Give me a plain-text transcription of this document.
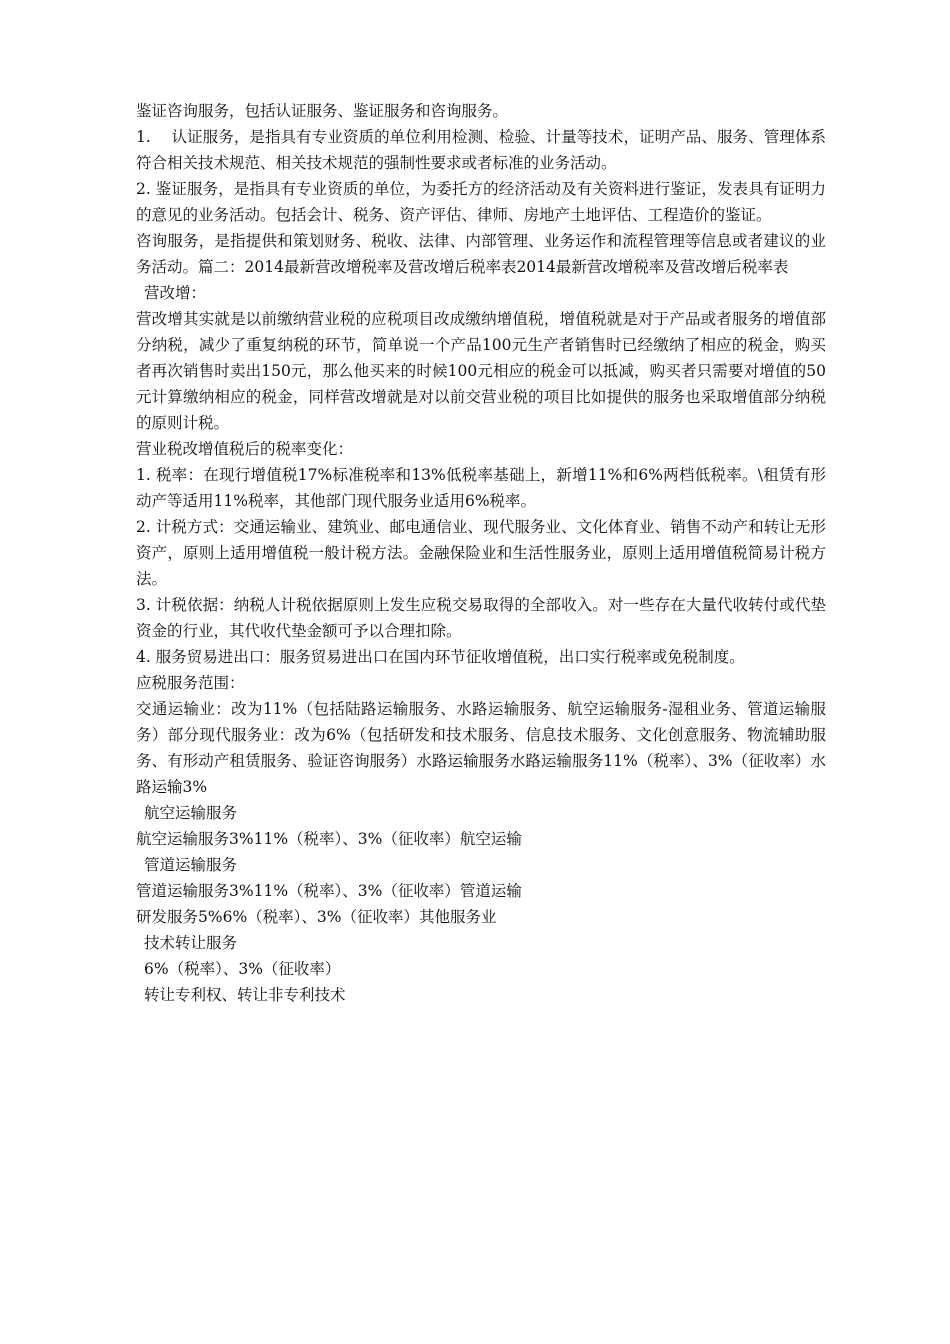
鉴证咨询服务，包括认证服务、鉴证服务和咨询服务。

1.　 认证服务，是指具有专业资质的单位利用检测、检验、计量等技术，证明产品、服务、管理体系符合相关技术规范、相关技术规范的强制性要求或者标准的业务活动。

2. 鉴证服务，是指具有专业资质的单位，为委托方的经济活动及有关资料进行鉴证，发表具有证明力的意见的业务活动。包括会计、税务、资产评估、律师、房地产土地评估、工程造价的鉴证。

咨询服务，是指提供和策划财务、税收、法律、内部管理、业务运作和流程管理等信息或者建议的业务活动。篇二：2014最新营改增税率及营改增后税率表2014最新营改增税率及营改增后税率表

营改增：

营改增其实就是以前缴纳营业税的应税项目改成缴纳增值税，增值税就是对于产品或者服务的增值部分纳税，减少了重复纳税的环节，简单说一个产品100元生产者销售时已经缴纳了相应的税金，购买者再次销售时卖出150元，那么他买来的时候100元相应的税金可以抵减，购买者只需要对增值的50元计算缴纳相应的税金，同样营改增就是对以前交营业税的项目比如提供的服务也采取增值部分纳税的原则计税。

营业税改增值税后的税率变化：

1. 税率：在现行增值税17%标准税率和13%低税率基础上，新增11%和6%两档低税率。\租赁有形动产等适用11%税率，其他部门现代服务业适用6%税率。

2. 计税方式：交通运输业、建筑业、邮电通信业、现代服务业、文化体育业、销售不动产和转让无形资产，原则上适用增值税一般计税方法。金融保险业和生活性服务业，原则上适用增值税简易计税方法。

3. 计税依据：纳税人计税依据原则上发生应税交易取得的全部收入。对一些存在大量代收转付或代垫资金的行业，其代收代垫金额可予以合理扣除。

4. 服务贸易进出口：服务贸易进出口在国内环节征收增值税，出口实行税率或免税制度。

应税服务范围：

交通运输业：改为11%（包括陆路运输服务、水路运输服务、航空运输服务-湿租业务、管道运输服务）部分现代服务业：改为6%（包括研发和技术服务、信息技术服务、文化创意服务、物流辅助服务、有形动产租赁服务、验证咨询服务）水路运输服务水路运输服务11%（税率）、3%（征收率）水路运输3%

航空运输服务

航空运输服务3%11%（税率）、3%（征收率）航空运输

管道运输服务

管道运输服务3%11%（税率）、3%（征收率）管道运输

研发服务5%6%（税率）、3%（征收率）其他服务业

技术转让服务

6%（税率）、3%（征收率）

转让专利权、转让非专利技术
